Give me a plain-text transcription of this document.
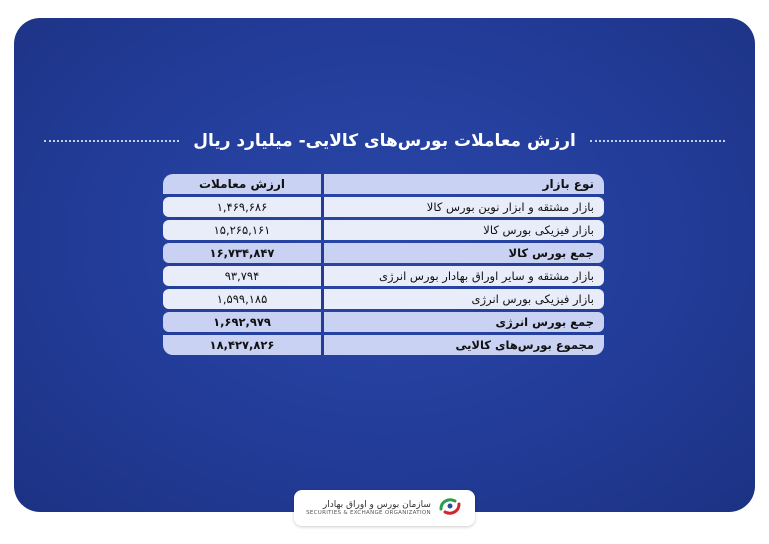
ارزش معاملات بورس‌های کالایی- میلیارد ریال
نوع بازار	ارزش معاملات
بازار مشتقه و ابزار نوین بورس کالا	۱,۴۶۹,۶۸۶
بازار فیزیکی بورس کالا	۱۵,۲۶۵,۱۶۱
جمع بورس کالا	۱۶,۷۳۴,۸۴۷
بازار مشتقه و سایر اوراق بهادار بورس انرژی	۹۳,۷۹۴
بازار فیزیکی بورس انرژی	۱,۵۹۹,۱۸۵
جمع بورس انرژی	۱,۶۹۲,۹۷۹
مجموع بورس‌های کالایی	۱۸,۴۲۷,۸۲۶
سازمان بورس و اوراق بهادار
SECURITIES & EXCHANGE ORGANIZATION
